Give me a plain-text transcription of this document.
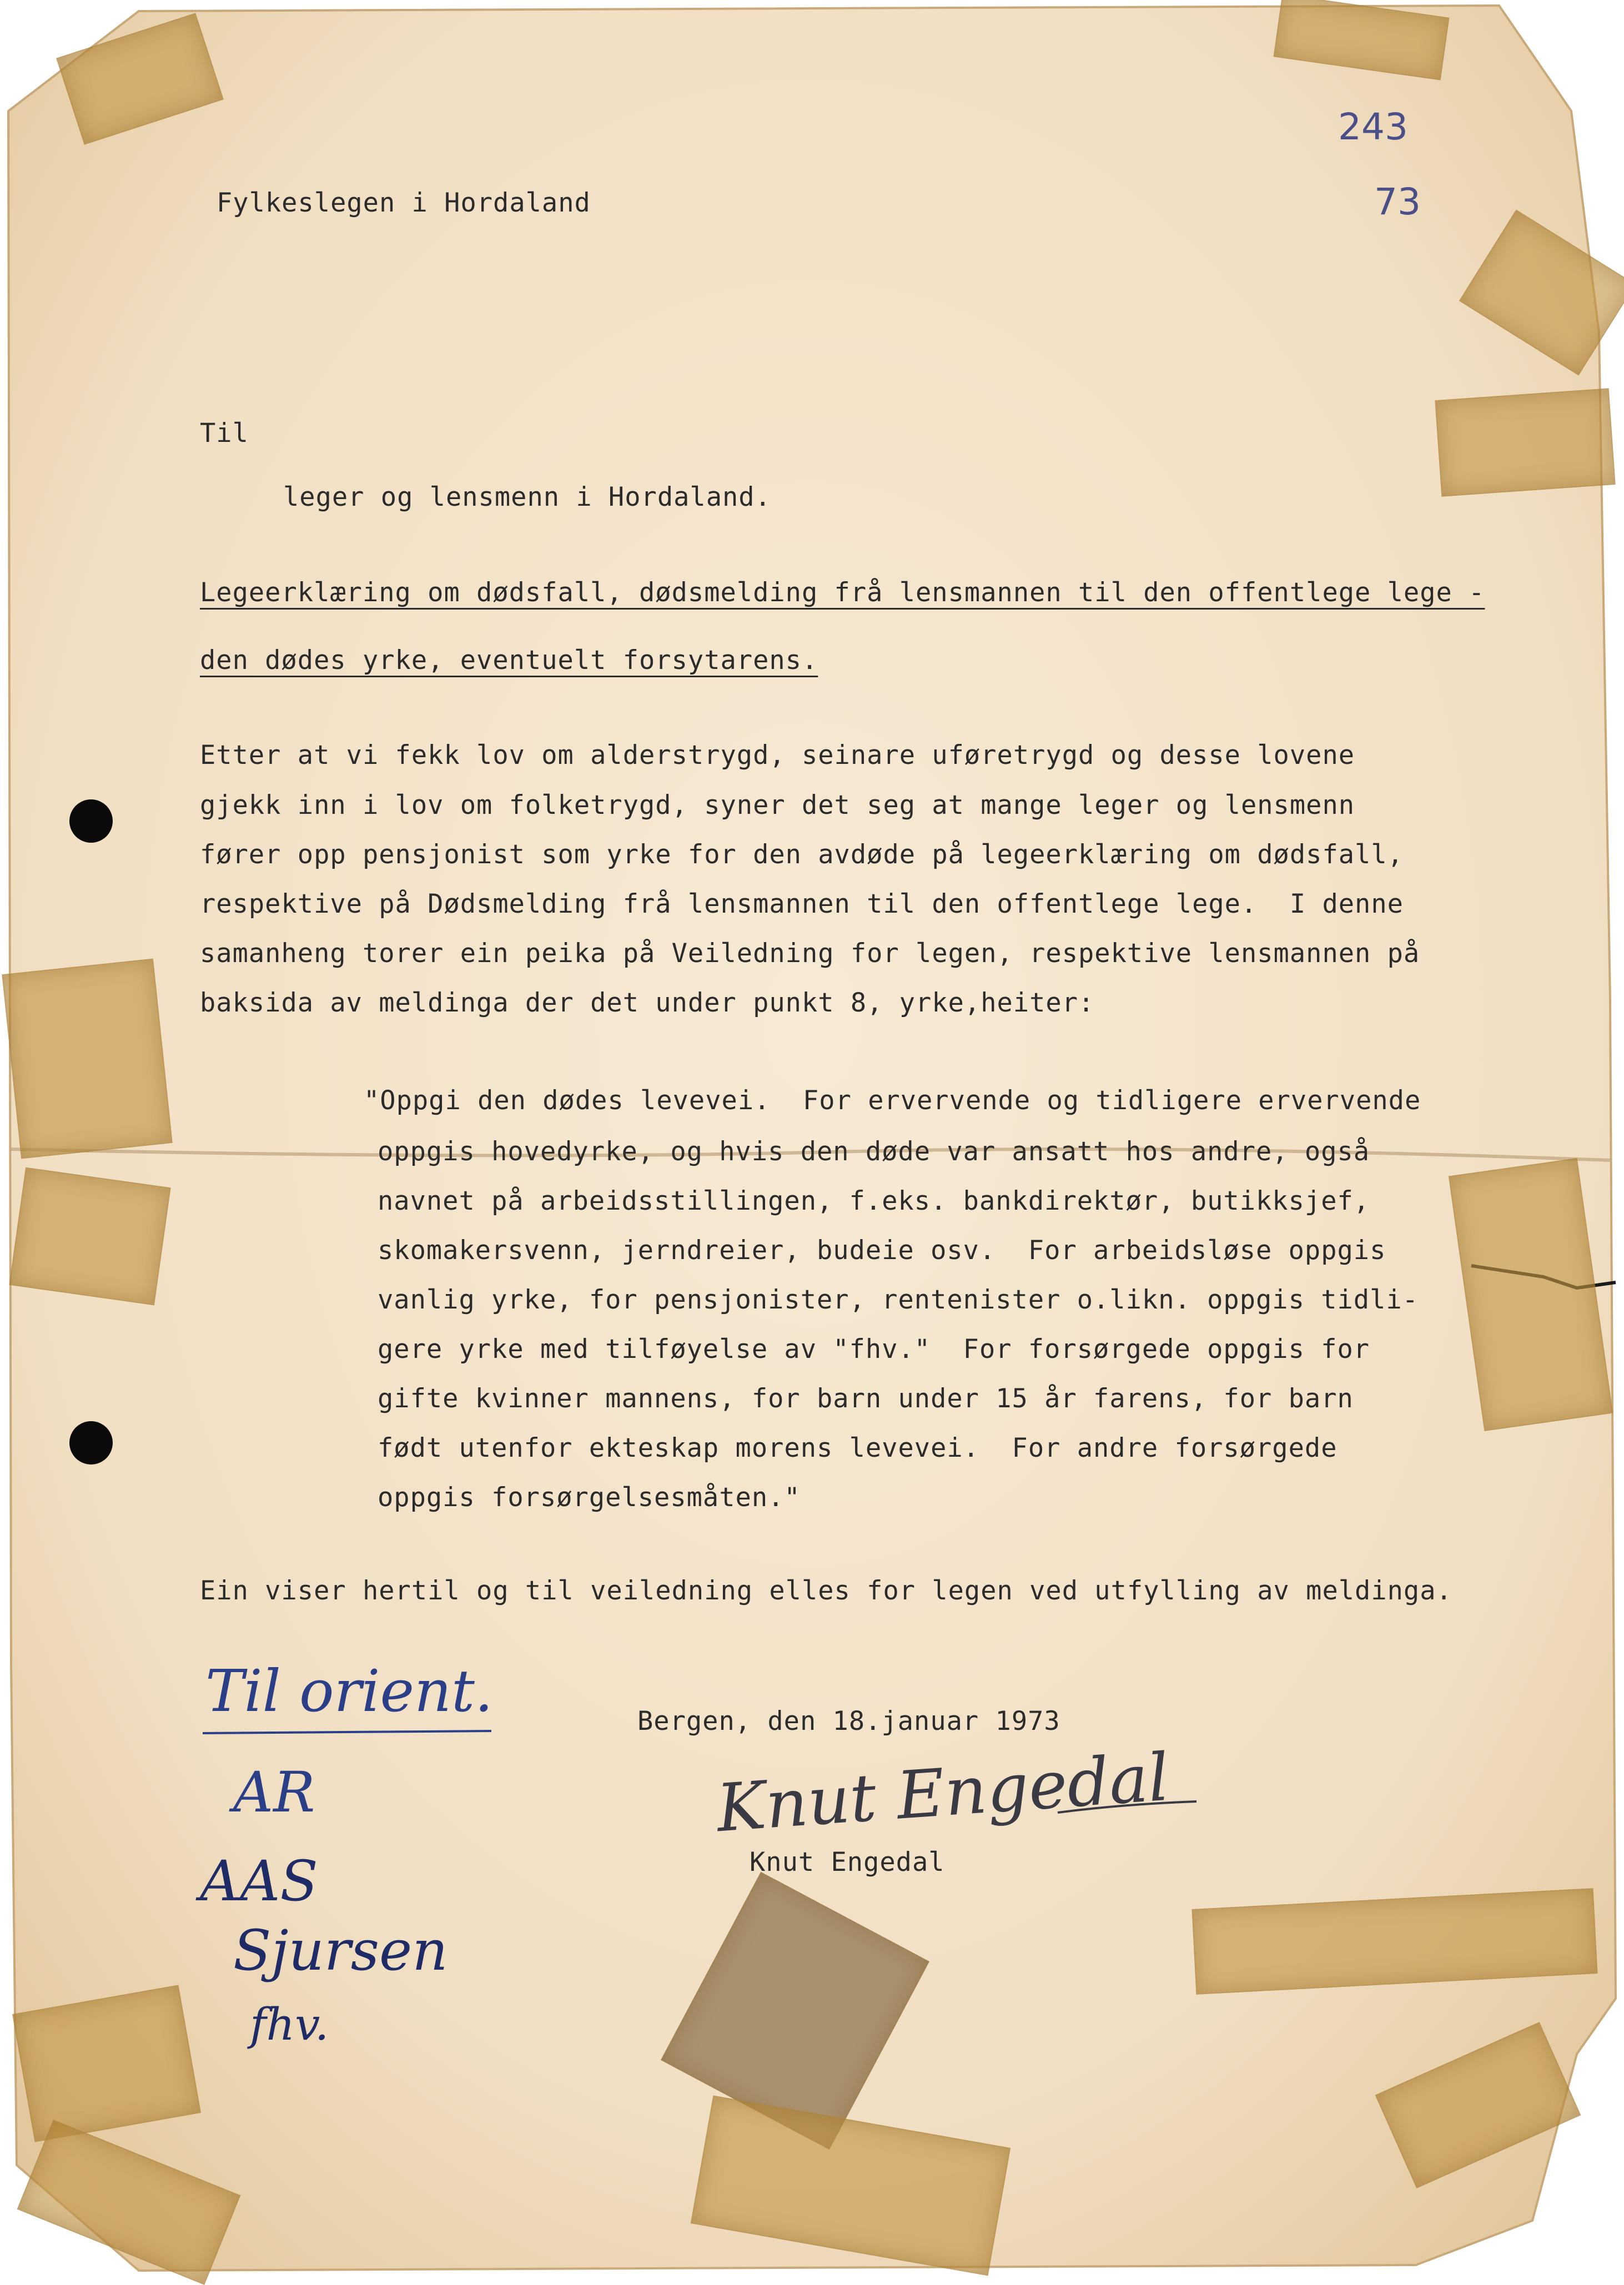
243
73
Fylkeslegen i Hordaland
Til
leger og lensmenn i Hordaland.
Legeerklæring om dødsfall, dødsmelding frå lensmannen til den offentlege lege -
den dødes yrke, eventuelt forsytarens.
Etter at vi fekk lov om alderstrygd, seinare uføretrygd og desse lovene
gjekk inn i lov om folketrygd, syner det seg at mange leger og lensmenn
fører opp pensjonist som yrke for den avdøde på legeerklæring om dødsfall,
respektive på Dødsmelding frå lensmannen til den offentlege lege.  I denne
samanheng torer ein peika på Veiledning for legen, respektive lensmannen på
baksida av meldinga der det under punkt 8, yrke,heiter:
"Oppgi den dødes levevei.  For ervervende og tidligere ervervende
oppgis hovedyrke, og hvis den døde var ansatt hos andre, også
navnet på arbeidsstillingen, f.eks. bankdirektør, butikksjef,
skomakersvenn, jerndreier, budeie osv.  For arbeidsløse oppgis
vanlig yrke, for pensjonister, rentenister o.likn. oppgis tidli-
gere yrke med tilføyelse av "fhv."  For forsørgede oppgis for
gifte kvinner mannens, for barn under 15 år farens, for barn
født utenfor ekteskap morens levevei.  For andre forsørgede
oppgis forsørgelsesmåten."
Ein viser hertil og til veiledning elles for legen ved utfylling av meldinga.
Bergen, den 18.januar 1973
Knut Engedal
Knut Engedal
Til orient.
AR
AAS
Sjursen
fhv.
